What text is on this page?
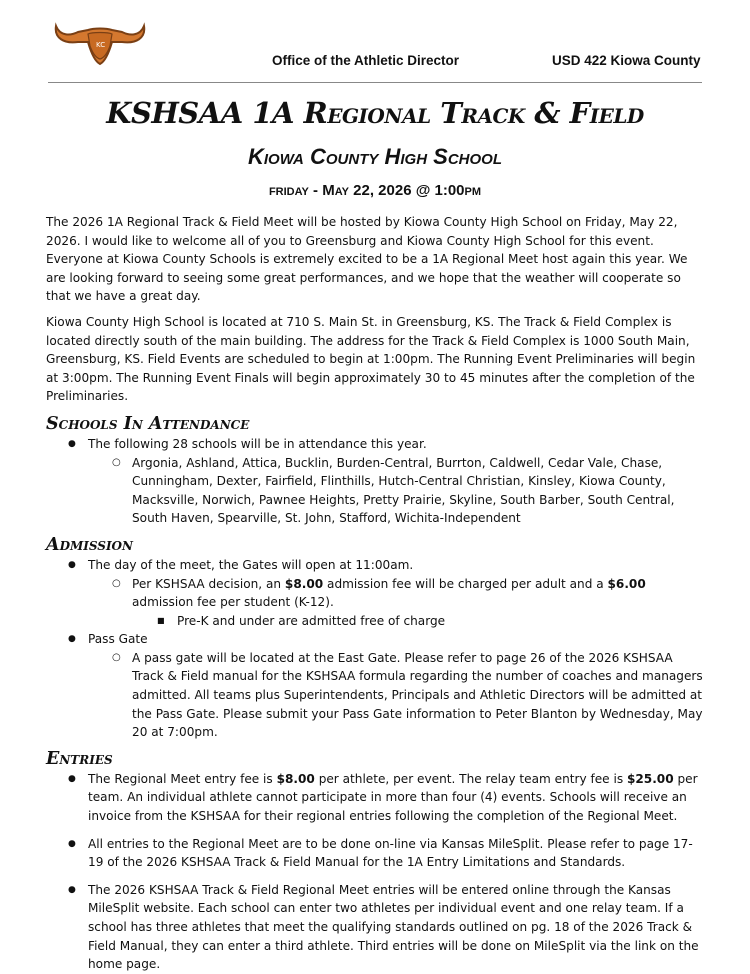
KC
Office of the Athletic Director	USD 422 Kiowa County
KSHSAA 1A Regional Track & Field
Kiowa County High School
friday - May 22, 2026 @ 1:00pm

The 2026 1A Regional Track & Field Meet will be hosted by Kiowa County High School on Friday, May 22, 2026. I would like to welcome all of you to Greensburg and Kiowa County High School for this event. Everyone at Kiowa County Schools is extremely excited to be a 1A Regional Meet host again this year. We are looking forward to seeing some great performances, and we hope that the weather will cooperate so that we have a great day.

Kiowa County High School is located at 710 S. Main St. in Greensburg, KS. The Track & Field Complex is located directly south of the main building. The address for the Track & Field Complex is 1000 South Main, Greensburg, KS. Field Events are scheduled to begin at 1:00pm. The Running Event Preliminaries will begin at 3:00pm. The Running Event Finals will begin approximately 30 to 45 minutes after the completion of the Preliminaries.

Schools In Attendance
● The following 28 schools will be in attendance this year.
○ Argonia, Ashland, Attica, Bucklin, Burden-Central, Burrton, Caldwell, Cedar Vale, Chase, Cunningham, Dexter, Fairfield, Flinthills, Hutch-Central Christian, Kinsley, Kiowa County, Macksville, Norwich, Pawnee Heights, Pretty Prairie, Skyline, South Barber, South Central, South Haven, Spearville, St. John, Stafford, Wichita-Independent
Admission
● The day of the meet, the Gates will open at 11:00am.
○ Per KSHSAA decision, an $8.00 admission fee will be charged per adult and a $6.00 admission fee per student (K-12).
■ Pre-K and under are admitted free of charge
● Pass Gate
○ A pass gate will be located at the East Gate. Please refer to page 26 of the 2026 KSHSAA Track & Field manual for the KSHSAA formula regarding the number of coaches and managers admitted. All teams plus Superintendents, Principals and Athletic Directors will be admitted at the Pass Gate. Please submit your Pass Gate information to Peter Blanton by Wednesday, May 20 at 7:00pm.
Entries
● The Regional Meet entry fee is $8.00 per athlete, per event. The relay team entry fee is $25.00 per team. An individual athlete cannot participate in more than four (4) events. Schools will receive an invoice from the KSHSAA for their regional entries following the completion of the Regional Meet.
● All entries to the Regional Meet are to be done on-line via Kansas MileSplit. Please refer to page 17-19 of the 2026 KSHSAA Track & Field Manual for the 1A Entry Limitations and Standards.
● The 2026 KSHSAA Track & Field Regional Meet entries will be entered online through the Kansas MileSplit website. Each school can enter two athletes per individual event and one relay team. If a school has three athletes that meet the qualifying standards outlined on pg. 18 of the 2026 Track & Field Manual, they can enter a third athlete. Third entries will be done on MileSplit via the link on the home page.
